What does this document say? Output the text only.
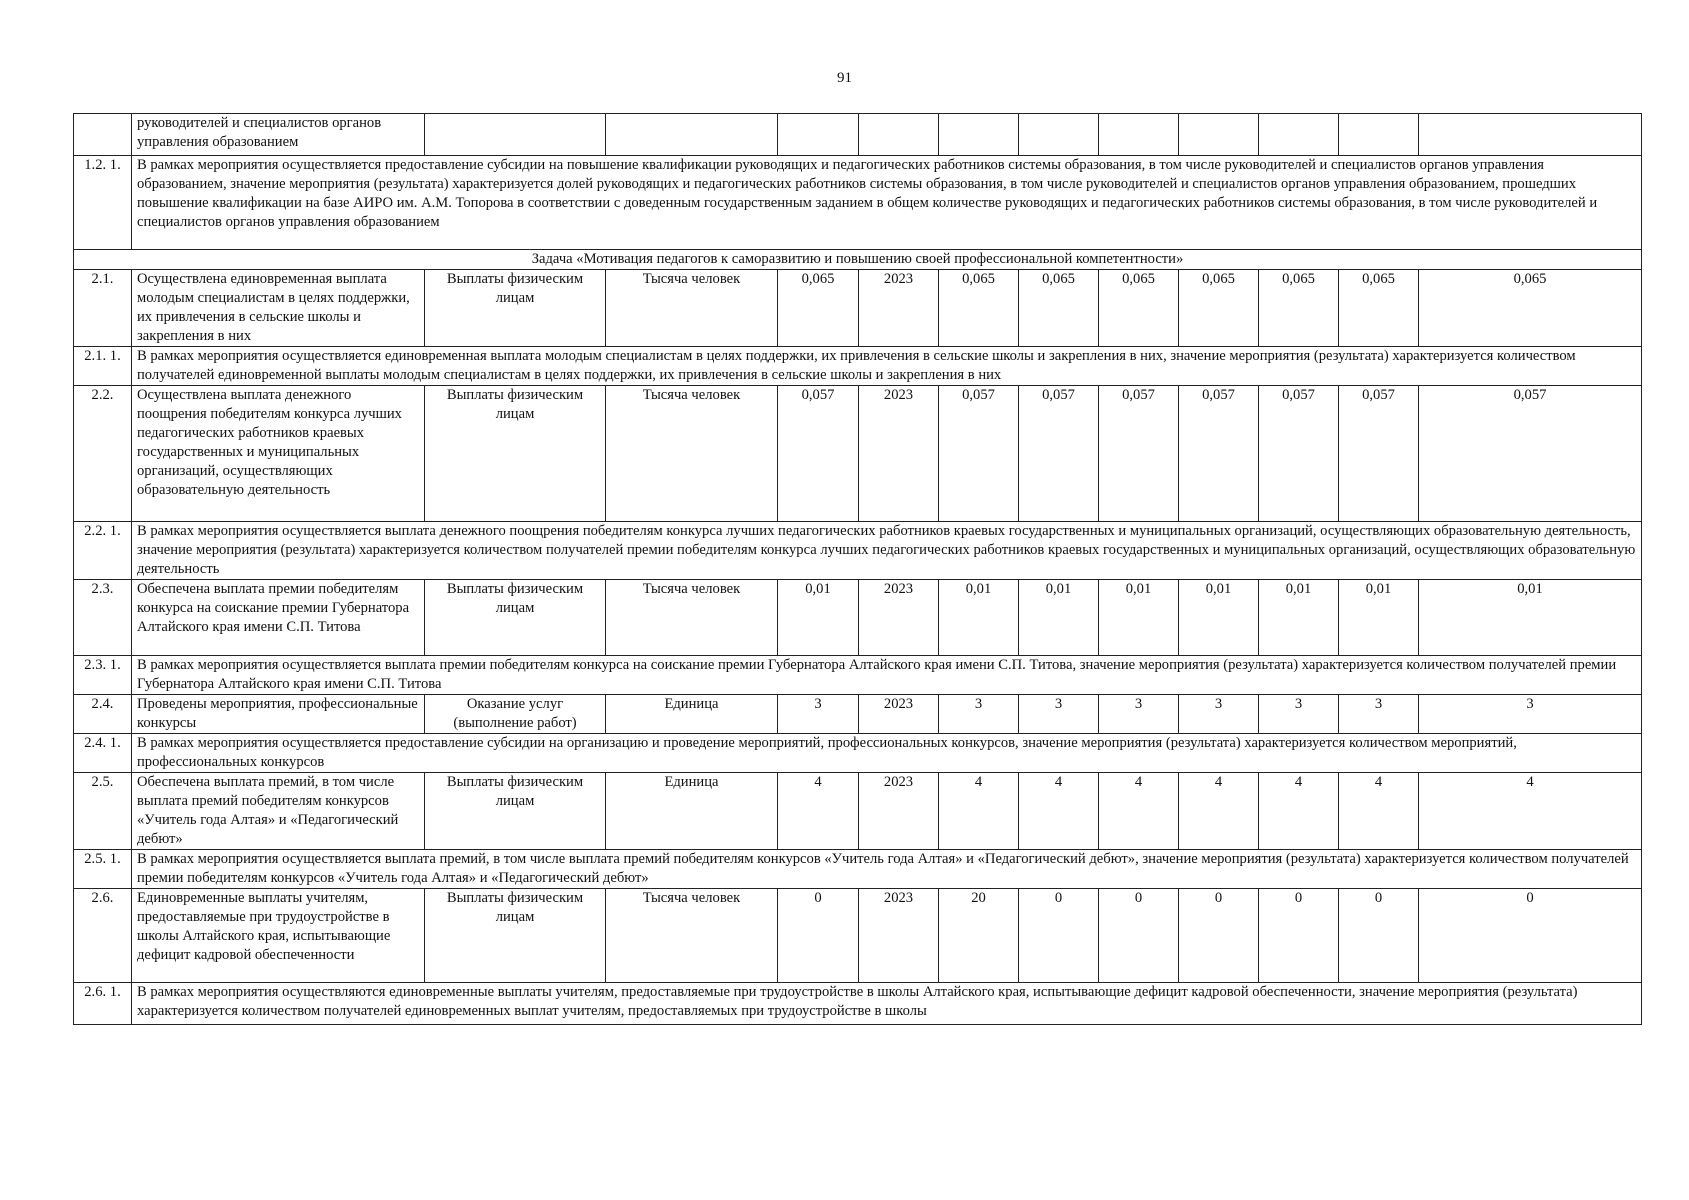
91
	руководителей и специалистов органов управления образованием											
1.2. 1.	В рамках мероприятия осуществляется предоставление субсидии на повышение квалификации руководящих и педагогических работников системы образования, в том числе руководителей и специалистов органов управления образованием, значение мероприятия (результата) характеризуется долей руководящих и педагогических работников системы образования, в том числе руководителей и специалистов органов управления образованием, прошедших повышение квалификации на базе АИРО им. А.М. Топорова в соответствии с доведенным государственным заданием в общем количестве руководящих и педагогических работников системы образования, в том числе руководителей и специалистов органов управления образованием											
Задача «Мотивация педагогов к саморазвитию и повышению своей профессиональной компетентности»												
2.1.	Осуществлена единовременная выплата молодым специалистам в целях поддержки, их привлечения в сельские школы и закрепления в них	Выплаты физическим лицам	Тысяча человек	0,065	2023	0,065	0,065	0,065	0,065	0,065	0,065	0,065
2.1. 1.	В рамках мероприятия осуществляется единовременная выплата молодым специалистам в целях поддержки, их привлечения в сельские школы и закрепления в них, значение мероприятия (результата) характеризуется количеством получателей единовременной выплаты молодым специалистам в целях поддержки, их привлечения в сельские школы и закрепления в них											
2.2.	Осуществлена выплата денежного поощрения победителям конкурса лучших педагогических работников краевых государственных и муниципальных организаций, осуществляющих образовательную деятельность	Выплаты физическим лицам	Тысяча человек	0,057	2023	0,057	0,057	0,057	0,057	0,057	0,057	0,057
2.2. 1.	В рамках мероприятия осуществляется выплата денежного поощрения победителям конкурса лучших педагогических работников краевых государственных и муниципальных организаций, осуществляющих образовательную деятельность, значение мероприятия (результата) характеризуется количеством получателей премии победителям конкурса лучших педагогических работников краевых государственных и муниципальных организаций, осуществляющих образовательную деятельность											
2.3.	Обеспечена выплата премии победителям конкурса на соискание премии Губернатора Алтайского края имени С.П. Титова	Выплаты физическим лицам	Тысяча человек	0,01	2023	0,01	0,01	0,01	0,01	0,01	0,01	0,01
2.3. 1.	В рамках мероприятия осуществляется выплата премии победителям конкурса на соискание премии Губернатора Алтайского края имени С.П. Титова, значение мероприятия (результата) характеризуется количеством получателей премии Губернатора Алтайского края имени С.П. Титова											
2.4.	Проведены мероприятия, профессиональные конкурсы	Оказание услуг (выполнение работ)	Единица	3	2023	3	3	3	3	3	3	3
2.4. 1.	В рамках мероприятия осуществляется предоставление субсидии на организацию и проведение мероприятий, профессиональных конкурсов, значение мероприятия (результата) характеризуется количеством мероприятий, профессиональных конкурсов											
2.5.	Обеспечена выплата премий, в том числе выплата премий победителям конкурсов «Учитель года Алтая» и «Педагогический дебют»	Выплаты физическим лицам	Единица	4	2023	4	4	4	4	4	4	4
2.5. 1.	В рамках мероприятия осуществляется выплата премий, в том числе выплата премий победителям конкурсов «Учитель года Алтая» и «Педагогический дебют», значение мероприятия (результата) характеризуется количеством получателей премии победителям конкурсов «Учитель года Алтая» и «Педагогический дебют»											
2.6.	Единовременные выплаты учителям, предоставляемые при трудоустройстве в школы Алтайского края, испытывающие дефицит кадровой обеспеченности	Выплаты физическим лицам	Тысяча человек	0	2023	20	0	0	0	0	0	0
2.6. 1.	В рамках мероприятия осуществляются единовременные выплаты учителям, предоставляемые при трудоустройстве в школы Алтайского края, испытывающие дефицит кадровой обеспеченности, значение мероприятия (результата) характеризуется количеством получателей единовременных выплат учителям, предоставляемых при трудоустройстве в школы											
